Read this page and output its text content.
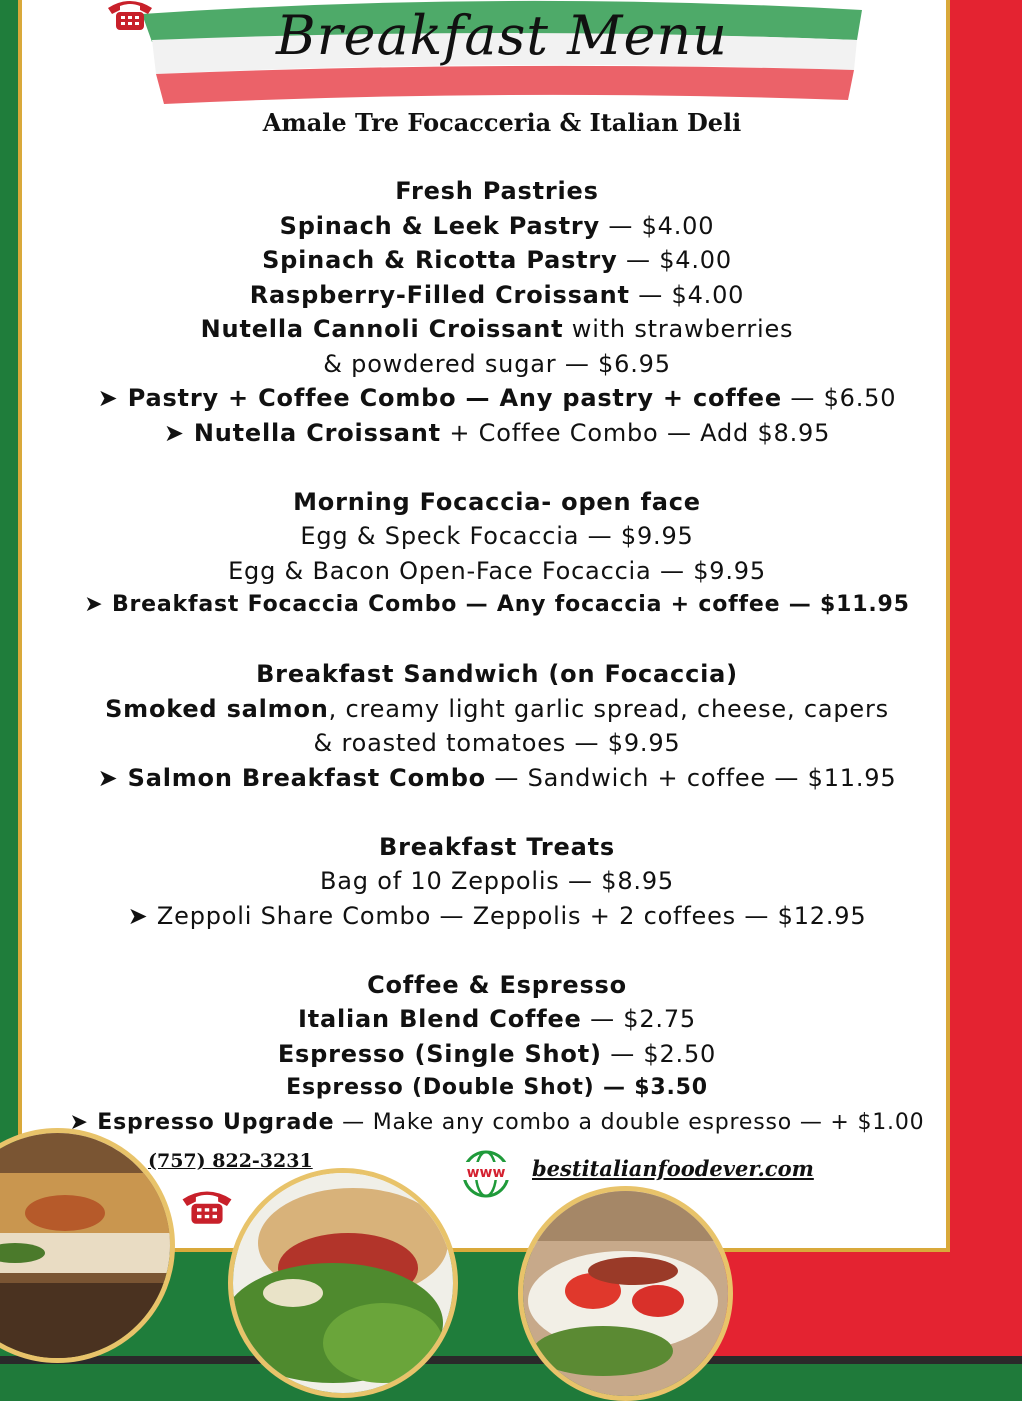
Breakfast Menu
Amale Tre Focacceria & Italian Deli
Fresh Pastries
Spinach & Leek Pastry — $4.00
Spinach & Ricotta Pastry — $4.00
Raspberry-Filled Croissant — $4.00
Nutella Cannoli Croissant with strawberries
& powdered sugar — $6.95
➤ Pastry + Coffee Combo — Any pastry + coffee — $6.50
➤ Nutella Croissant + Coffee Combo — Add $8.95
Morning Focaccia- open face
Egg & Speck Focaccia — $9.95
Egg & Bacon Open-Face Focaccia — $9.95
➤ Breakfast Focaccia Combo — Any focaccia + coffee — $11.95
Breakfast Sandwich (on Focaccia)
Smoked salmon, creamy light garlic spread, cheese, capers
& roasted tomatoes — $9.95
➤ Salmon Breakfast Combo — Sandwich + coffee — $11.95
Breakfast Treats
Bag of 10 Zeppolis — $8.95
➤ Zeppoli Share Combo — Zeppolis + 2 coffees — $12.95
Coffee & Espresso
Italian Blend Coffee — $2.75
Espresso (Single Shot) — $2.50
Espresso (Double Shot) — $3.50
➤ Espresso Upgrade — Make any combo a double espresso — + $1.00
(757) 822-3231
www bestitalianfoodever.com
